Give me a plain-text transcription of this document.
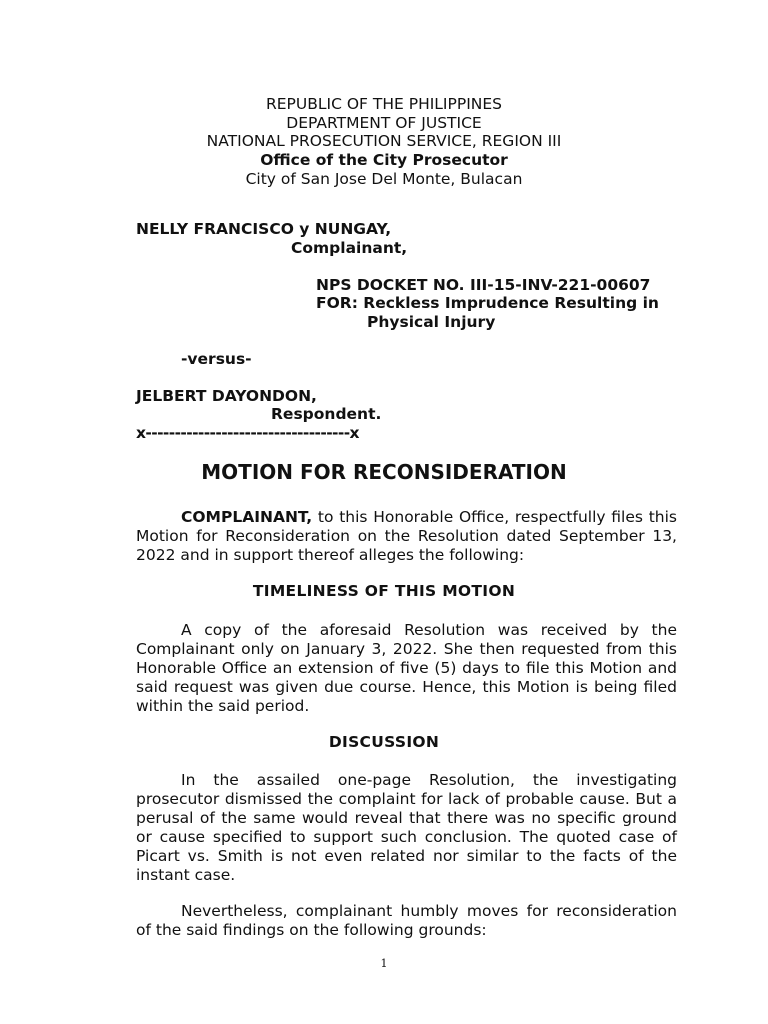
REPUBLIC OF THE PHILIPPINES
DEPARTMENT OF JUSTICE
NATIONAL PROSECUTION SERVICE, REGION III
Office of the City Prosecutor
City of San Jose Del Monte, Bulacan
NELLY FRANCISCO y NUNGAY,
Complainant,
NPS DOCKET NO. III-15-INV-221-00607
FOR: Reckless Imprudence Resulting in
Physical Injury
-versus-
JELBERT DAYONDON,
Respondent.
x-----------------------------------x
MOTION FOR RECONSIDERATION
COMPLAINANT, to this Honorable Office, respectfully files this Motion for Reconsideration on the Resolution dated September 13, 2022 and in support thereof alleges the following:
TIMELINESS OF THIS MOTION
A copy of the aforesaid Resolution was received by the Complainant only on January 3, 2022. She then requested from this Honorable Office an extension of five (5) days to file this Motion and said request was given due course. Hence, this Motion is being filed within the said period.
DISCUSSION
In the assailed one-page Resolution, the investigating prosecutor dismissed the complaint for lack of probable cause. But a perusal of the same would reveal that there was no specific ground or cause specified to support such conclusion. The quoted case of Picart vs. Smith is not even related nor similar to the facts of the instant case.
Nevertheless, complainant humbly moves for reconsideration of the said findings on the following grounds:
1
